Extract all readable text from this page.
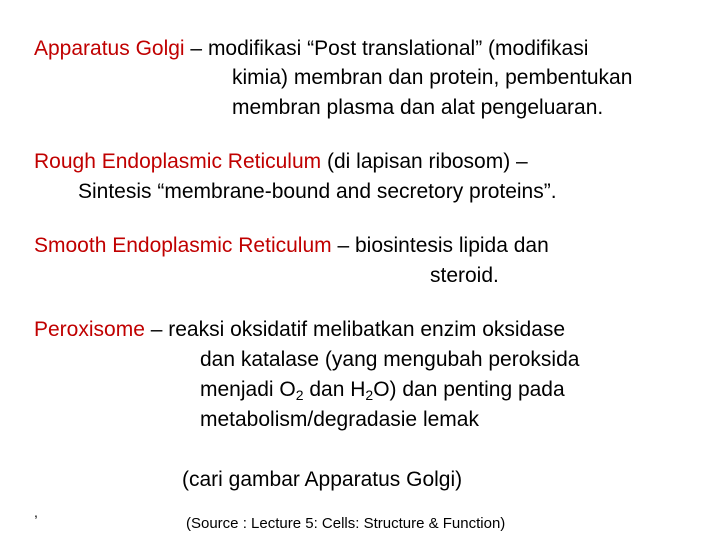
Apparatus Golgi – modifikasi “Post translational” (modifikasi
kimia) membran dan protein, pembentukan
membran plasma dan alat pengeluaran.
Rough Endoplasmic Reticulum (di lapisan ribosom) –
Sintesis “membrane-bound and secretory proteins”.
Smooth Endoplasmic Reticulum – biosintesis lipida dan
steroid.
Peroxisome – reaksi oksidatif melibatkan enzim oksidase
dan katalase (yang mengubah peroksida
menjadi $O_2$ dan $H_2O$) dan penting pada
metabolism/degradasie lemak
(cari gambar Apparatus Golgi)
,
(Source : Lecture 5: Cells: Structure & Function)
